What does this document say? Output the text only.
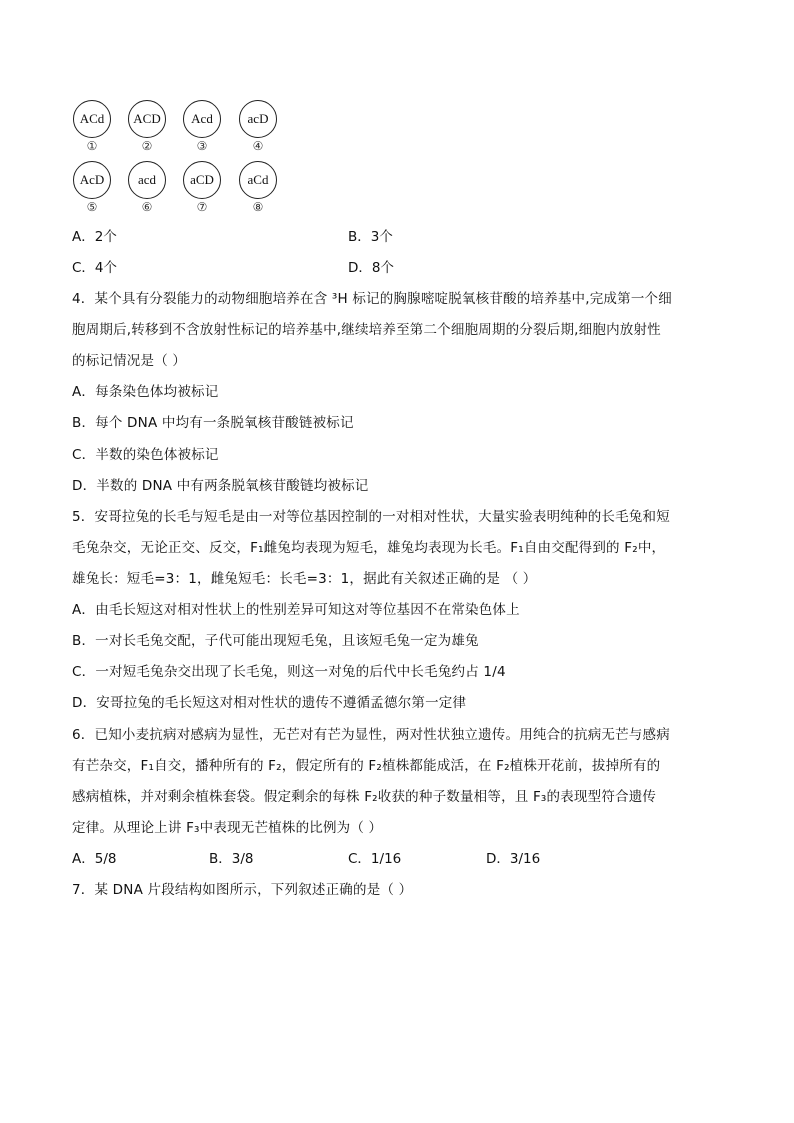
ACd
①
ACD
②
Acd
③
acD
④
AcD
⑤
acd
⑥
aCD
⑦
aCd
⑧
A．2个	B．3个
C．4个	D．8个
4．某个具有分裂能力的动物细胞培养在含 ³H 标记的胸腺嘧啶脱氧核苷酸的培养基中,完成第一个细
胞周期后,转移到不含放射性标记的培养基中,继续培养至第二个细胞周期的分裂后期,细胞内放射性
的标记情况是（ ）
A．每条染色体均被标记
B．每个 DNA 中均有一条脱氧核苷酸链被标记
C．半数的染色体被标记
D．半数的 DNA 中有两条脱氧核苷酸链均被标记
5．安哥拉兔的长毛与短毛是由一对等位基因控制的一对相对性状，大量实验表明纯种的长毛兔和短
毛兔杂交，无论正交、反交，F₁雌兔均表现为短毛，雄兔均表现为长毛。F₁自由交配得到的 F₂中，
雄兔长：短毛=3：1，雌兔短毛：长毛=3：1，据此有关叙述正确的是 （ ）
A．由毛长短这对相对性状上的性别差异可知这对等位基因不在常染色体上
B．一对长毛兔交配，子代可能出现短毛兔，且该短毛兔一定为雄兔
C．一对短毛兔杂交出现了长毛兔，则这一对兔的后代中长毛兔约占 1/4
D．安哥拉兔的毛长短这对相对性状的遗传不遵循孟德尔第一定律
6．已知小麦抗病对感病为显性，无芒对有芒为显性，两对性状独立遗传。用纯合的抗病无芒与感病
有芒杂交，F₁自交，播种所有的 F₂，假定所有的 F₂植株都能成活，在 F₂植株开花前，拔掉所有的
感病植株，并对剩余植株套袋。假定剩余的每株 F₂收获的种子数量相等，且 F₃的表现型符合遗传
定律。从理论上讲 F₃中表现无芒植株的比例为（ ）
A．5/8	B．3/8	C．1/16	D．3/16
7．某 DNA 片段结构如图所示，下列叙述正确的是（ ）
